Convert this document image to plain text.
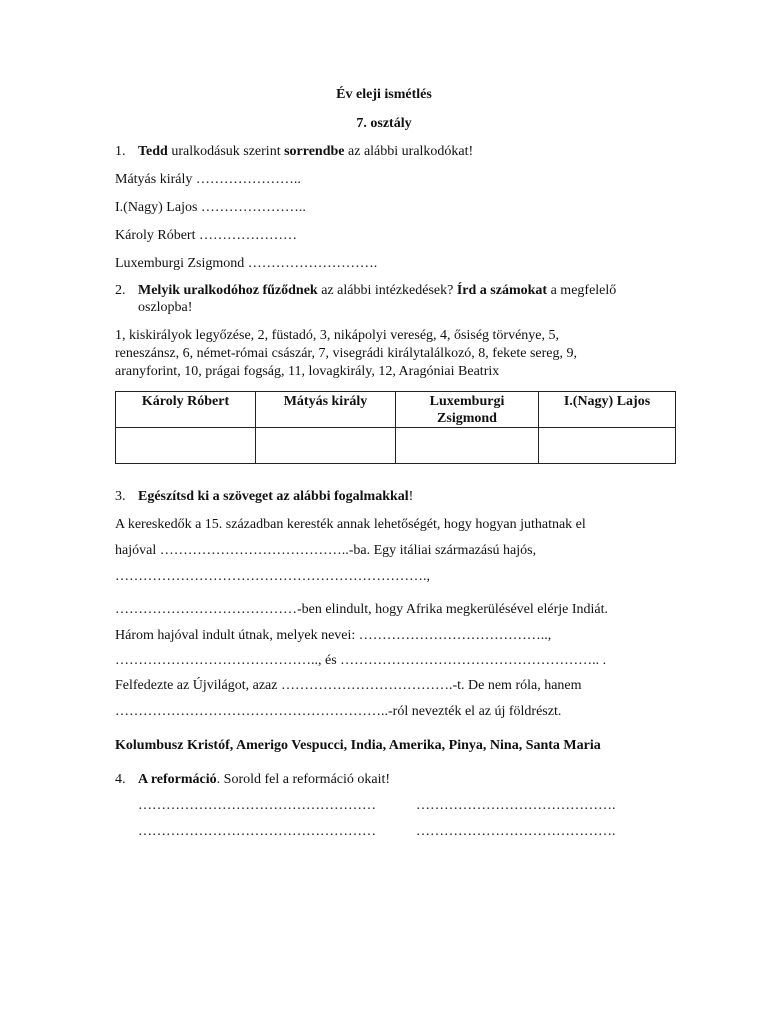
Év eleji ismétlés
7. osztály
1. Tedd uralkodásuk szerint sorrendbe az alábbi uralkodókat!
Mátyás király …………………..
I.(Nagy) Lajos …………………..
Károly Róbert …………………
Luxemburgi Zsigmond ……………………….
2. Melyik uralkodóhoz fűződnek az alábbi intézkedések? Írd a számokat a megfelelő
oszlopba!
1, kiskirályok legyőzése, 2, füstadó, 3, nikápolyi vereség, 4, ősiség törvénye, 5,
reneszánsz, 6, német-római császár, 7, visegrádi királytalálkozó, 8, fekete sereg, 9,
aranyforint, 10, prágai fogság, 11, lovagkirály, 12, Aragóniai Beatrix
Károly Róbert	Mátyás király	Luxemburgi Zsigmond	I.(Nagy) Lajos

3. Egészítsd ki a szöveget az alábbi fogalmakkal!
A kereskedők a 15. században keresték annak lehetőségét, hogy hogyan juthatnak el
hajóval …………………………………..-ba. Egy itáliai származású hajós,
………………………………………………………….,
…………………………………-ben elindult, hogy Afrika megkerülésével elérje Indiát.
Három hajóval indult útnak, melyek nevei: …………………………………..,
…………………………………….., és ……………………………………………….. .
Felfedezte az Újvilágot, azaz ……………………………….-t. De nem róla, hanem
…………………………………………………..-ról nevezték el az új földrészt.
Kolumbusz Kristóf, Amerigo Vespucci, India, Amerika, Pinya, Nina, Santa Maria
4. A reformáció. Sorold fel a reformáció okait!
……………………………………………	…………………………………….
……………………………………………	…………………………………….
